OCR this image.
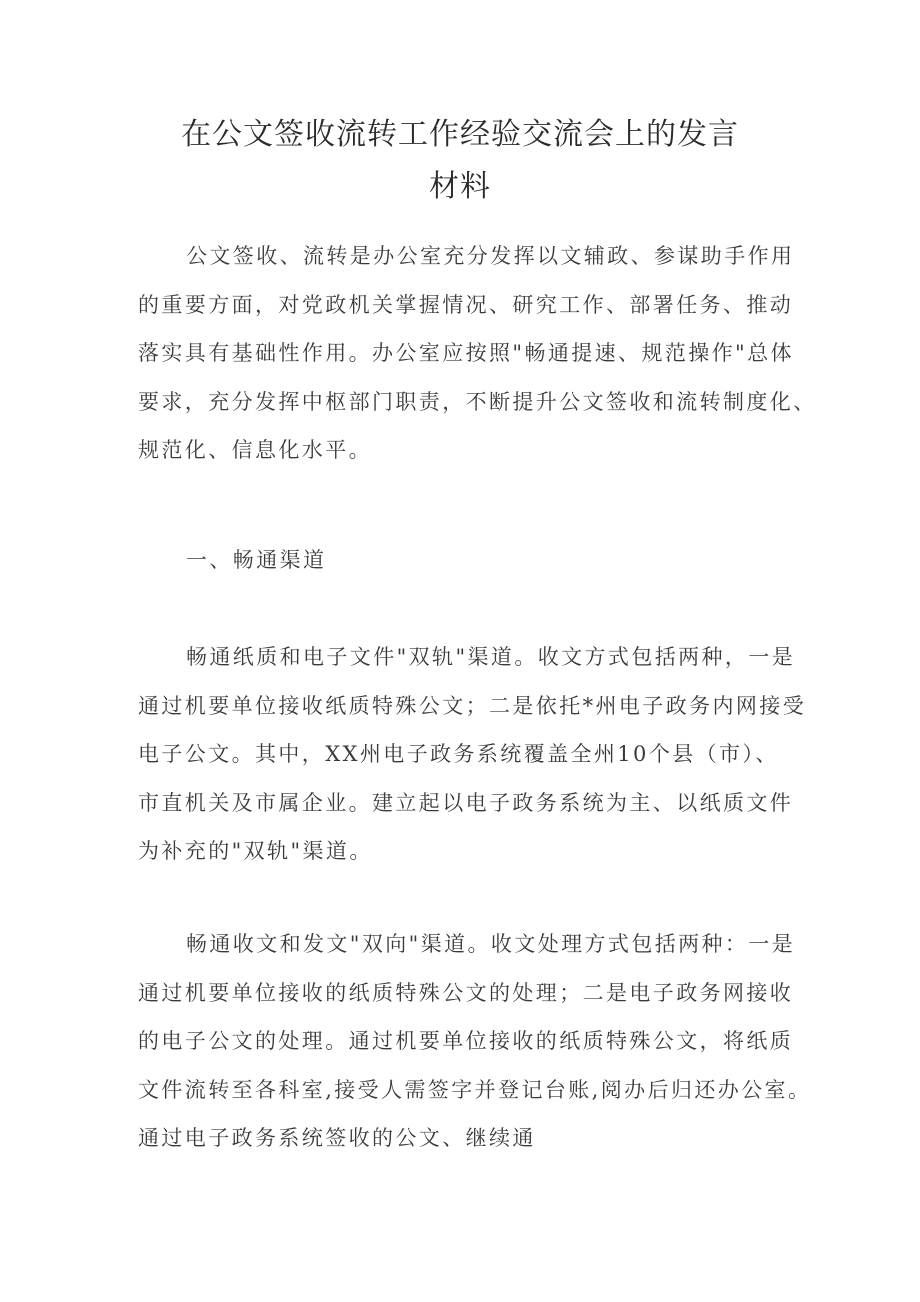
在公文签收流转工作经验交流会上的发言
材料
公文签收、流转是办公室充分发挥以文辅政、参谋助手作用
的重要方面，对党政机关掌握情况、研究工作、部署任务、推动
落实具有基础性作用。办公室应按照"畅通提速、规范操作"总体
要求，充分发挥中枢部门职责，不断提升公文签收和流转制度化、
规范化、信息化水平。
一、畅通渠道
畅通纸质和电子文件"双轨"渠道。收文方式包括两种，一是
通过机要单位接收纸质特殊公文；二是依托*州电子政务内网接受
电子公文。其中，XX州电子政务系统覆盖全州10个县（市）、
市直机关及市属企业。建立起以电子政务系统为主、以纸质文件
为补充的"双轨"渠道。
畅通收文和发文"双向"渠道。收文处理方式包括两种：一是
通过机要单位接收的纸质特殊公文的处理；二是电子政务网接收
的电子公文的处理。通过机要单位接收的纸质特殊公文，将纸质
文件流转至各科室,接受人需签字并登记台账,阅办后归还办公室。
通过电子政务系统签收的公文、继续通
